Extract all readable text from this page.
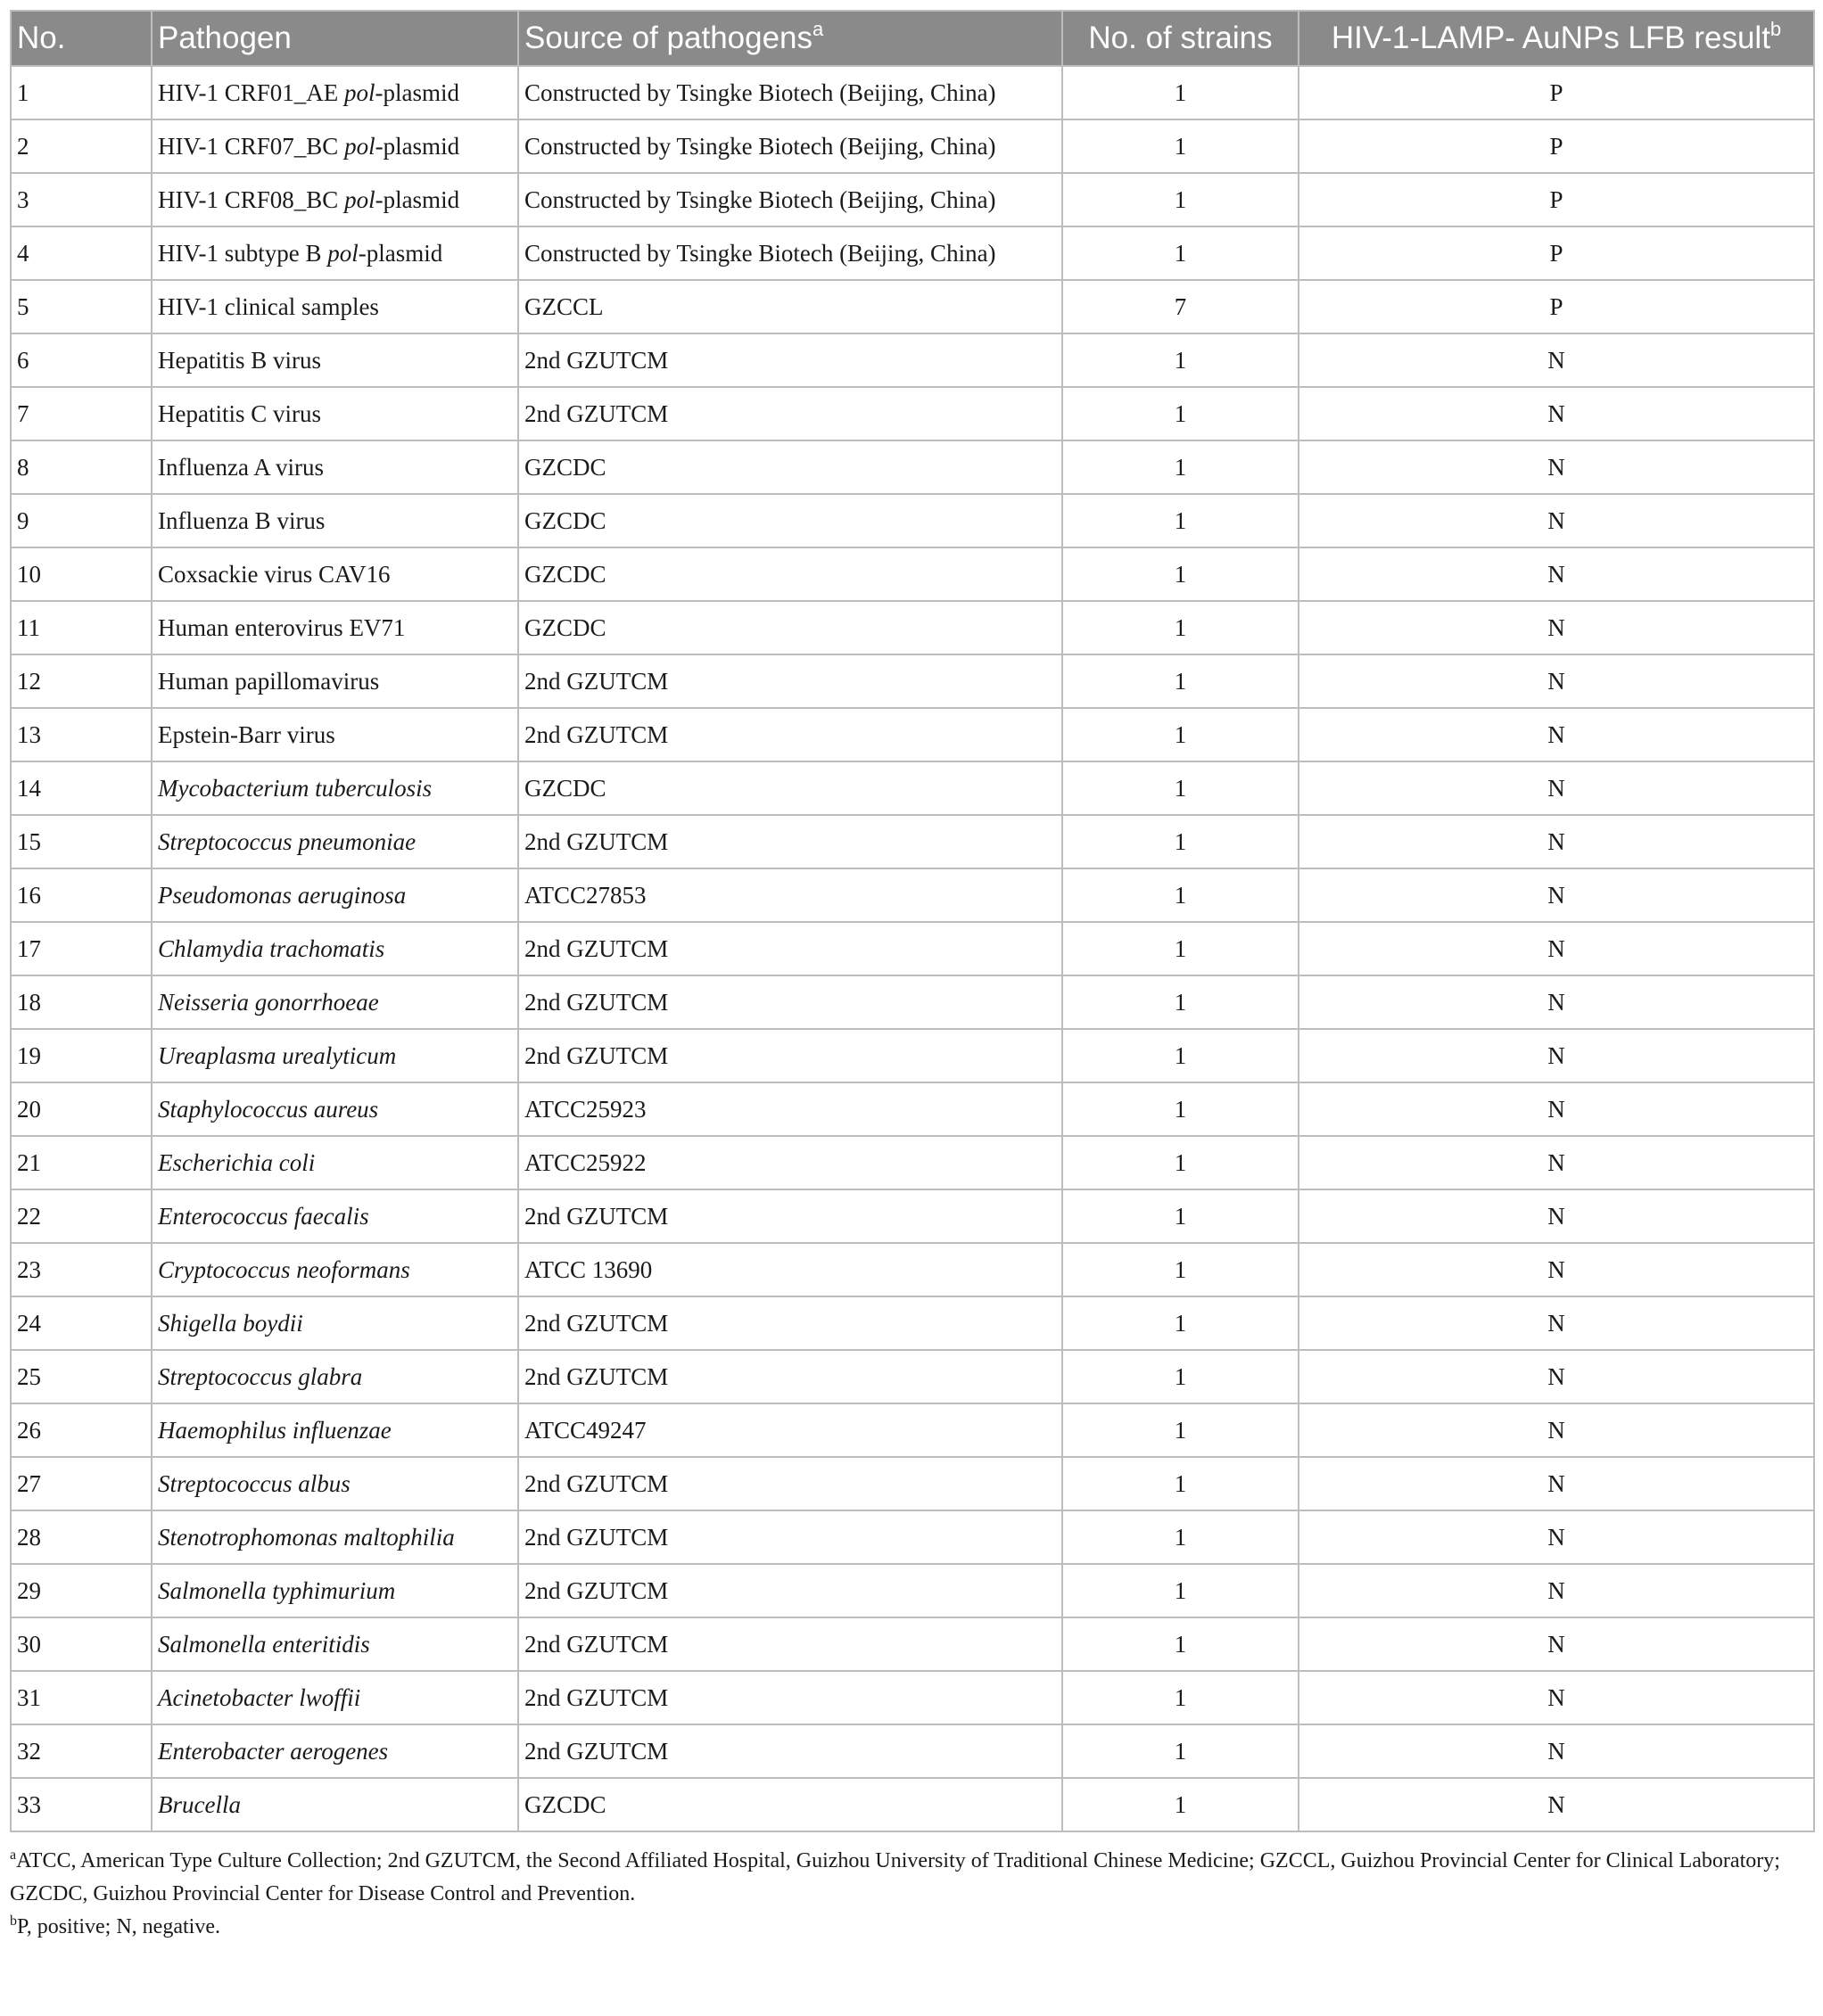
No.	Pathogen	Source of pathogens$^a$	No. of strains	HIV-1-LAMP- AuNPs LFB result$^b$
1	HIV-1 CRF01_AE pol-plasmid	Constructed by Tsingke Biotech (Beijing, China)	1	P
2	HIV-1 CRF07_BC pol-plasmid	Constructed by Tsingke Biotech (Beijing, China)	1	P
3	HIV-1 CRF08_BC pol-plasmid	Constructed by Tsingke Biotech (Beijing, China)	1	P
4	HIV-1 subtype B pol-plasmid	Constructed by Tsingke Biotech (Beijing, China)	1	P
5	HIV-1 clinical samples	GZCCL	7	P
6	Hepatitis B virus	2nd GZUTCM	1	N
7	Hepatitis C virus	2nd GZUTCM	1	N
8	Influenza A virus	GZCDC	1	N
9	Influenza B virus	GZCDC	1	N
10	Coxsackie virus CAV16	GZCDC	1	N
11	Human enterovirus EV71	GZCDC	1	N
12	Human papillomavirus	2nd GZUTCM	1	N
13	Epstein-Barr virus	2nd GZUTCM	1	N
14	Mycobacterium tuberculosis	GZCDC	1	N
15	Streptococcus pneumoniae	2nd GZUTCM	1	N
16	Pseudomonas aeruginosa	ATCC27853	1	N
17	Chlamydia trachomatis	2nd GZUTCM	1	N
18	Neisseria gonorrhoeae	2nd GZUTCM	1	N
19	Ureaplasma urealyticum	2nd GZUTCM	1	N
20	Staphylococcus aureus	ATCC25923	1	N
21	Escherichia coli	ATCC25922	1	N
22	Enterococcus faecalis	2nd GZUTCM	1	N
23	Cryptococcus neoformans	ATCC 13690	1	N
24	Shigella boydii	2nd GZUTCM	1	N
25	Streptococcus glabra	2nd GZUTCM	1	N
26	Haemophilus influenzae	ATCC49247	1	N
27	Streptococcus albus	2nd GZUTCM	1	N
28	Stenotrophomonas maltophilia	2nd GZUTCM	1	N
29	Salmonella typhimurium	2nd GZUTCM	1	N
30	Salmonella enteritidis	2nd GZUTCM	1	N
31	Acinetobacter lwoffii	2nd GZUTCM	1	N
32	Enterobacter aerogenes	2nd GZUTCM	1	N
33	Brucella	GZCDC	1	N
$^a$ATCC, American Type Culture Collection; 2nd GZUTCM, the Second Affiliated Hospital, Guizhou University of Traditional Chinese Medicine; GZCCL, Guizhou Provincial Center for Clinical Laboratory; GZCDC, Guizhou Provincial Center for Disease Control and Prevention.
$^b$P, positive; N, negative.
